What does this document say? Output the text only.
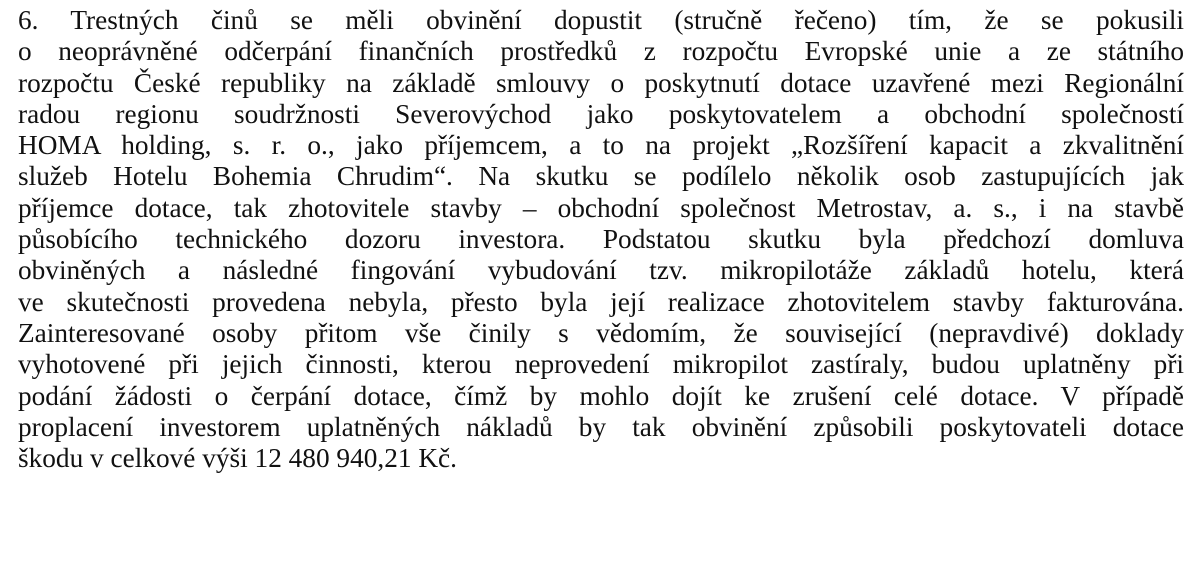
6. Trestných činů se měli obvinění dopustit (stručně řečeno) tím, že se pokusili
o neoprávněné odčerpání finančních prostředků z rozpočtu Evropské unie a ze státního
rozpočtu České republiky na základě smlouvy o poskytnutí dotace uzavřené mezi Regionální
radou regionu soudržnosti Severovýchod jako poskytovatelem a obchodní společností
HOMA holding, s. r. o., jako příjemcem, a to na projekt „Rozšíření kapacit a zkvalitnění
služeb Hotelu Bohemia Chrudim“. Na skutku se podílelo několik osob zastupujících jak
příjemce dotace, tak zhotovitele stavby – obchodní společnost Metrostav, a. s., i na stavbě
působícího technického dozoru investora. Podstatou skutku byla předchozí domluva
obviněných a následné fingování vybudování tzv. mikropilotáže základů hotelu, která
ve skutečnosti provedena nebyla, přesto byla její realizace zhotovitelem stavby fakturována.
Zainteresované osoby přitom vše činily s vědomím, že související (nepravdivé) doklady
vyhotovené při jejich činnosti, kterou neprovedení mikropilot zastíraly, budou uplatněny při
podání žádosti o čerpání dotace, čímž by mohlo dojít ke zrušení celé dotace. V případě
proplacení investorem uplatněných nákladů by tak obvinění způsobili poskytovateli dotace
škodu v celkové výši 12 480 940,21 Kč.
